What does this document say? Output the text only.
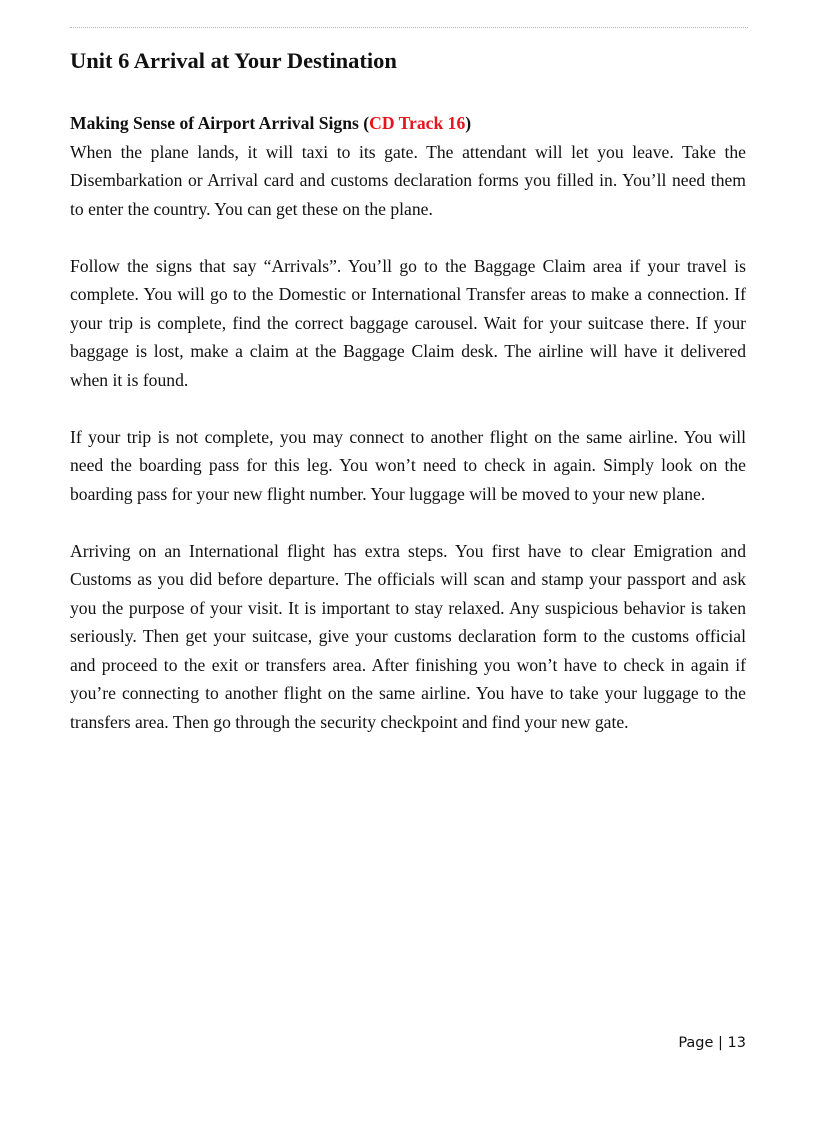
Unit 6 Arrival at Your Destination

Making Sense of Airport Arrival Signs (CD Track 16)

When the plane lands, it will taxi to its gate. The attendant will let you leave. Take the Disembarkation or Arrival card and customs declaration forms you filled in. You’ll need them to enter the country. You can get these on the plane.

Follow the signs that say “Arrivals”. You’ll go to the Baggage Claim area if your travel is complete. You will go to the Domestic or International Transfer areas to make a connection. If your trip is complete, find the correct baggage carousel. Wait for your suitcase there. If your baggage is lost, make a claim at the Baggage Claim desk. The airline will have it delivered when it is found.

If your trip is not complete, you may connect to another flight on the same airline. You will need the boarding pass for this leg. You won’t need to check in again. Simply look on the boarding pass for your new flight number. Your luggage will be moved to your new plane.

Arriving on an International flight has extra steps. You first have to clear Emigration and Customs as you did before departure. The officials will scan and stamp your passport and ask you the purpose of your visit. It is important to stay relaxed. Any suspicious behavior is taken seriously. Then get your suitcase, give your customs declaration form to the customs official and proceed to the exit or transfers area. After finishing you won’t have to check in again if you’re connecting to another flight on the same airline. You have to take your luggage to the transfers area. Then go through the security checkpoint and find your new gate.

Page | 13
